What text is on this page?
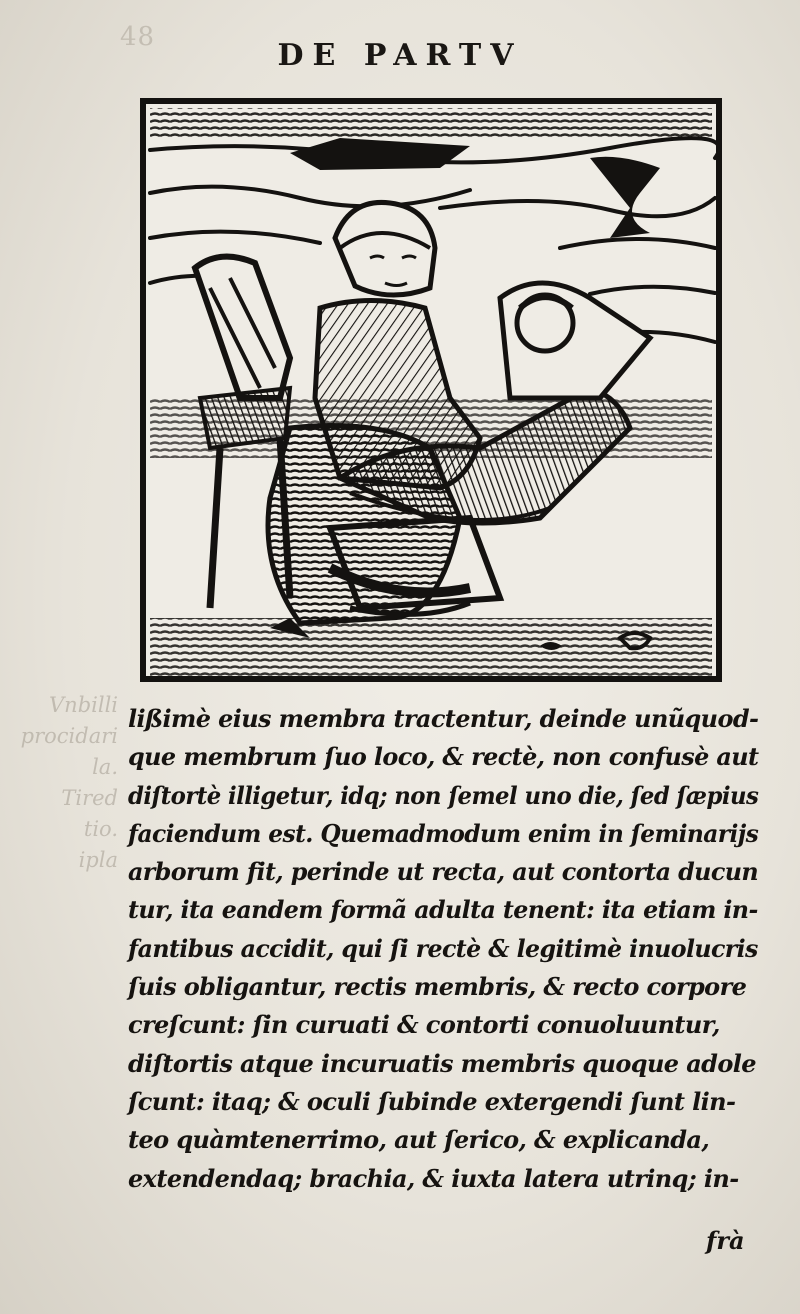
48
DE PARTV
Vnbilli
procidari
la.
Tired
tio.
ipla
lißimè eius membra tractentur, deinde unũquod-
que membrum ſuo loco, & rectè, non confusè aut
diſtortè illigetur, idq; non ſemel uno die, ſed ſæpius
faciendum est. Quemadmodum enim in ſeminarijs
arborum fit, perinde ut recta, aut contorta ducun
tur, ita eandem formã adulta tenent: ita etiam in-
fantibus accidit, qui ſi rectè & legitimè inuolucris
ſuis obligantur, rectis membris, & recto corpore
creſcunt: ſin curuati & contorti conuoluuntur,
diſtortis atque incuruatis membris quoque adole
ſcunt: itaq; & oculi ſubinde extergendi ſunt lin-
teo quàmtenerrimo, aut ſerico, & explicanda,
extendendaq; brachia, & iuxta latera utrinq; in-
frà
